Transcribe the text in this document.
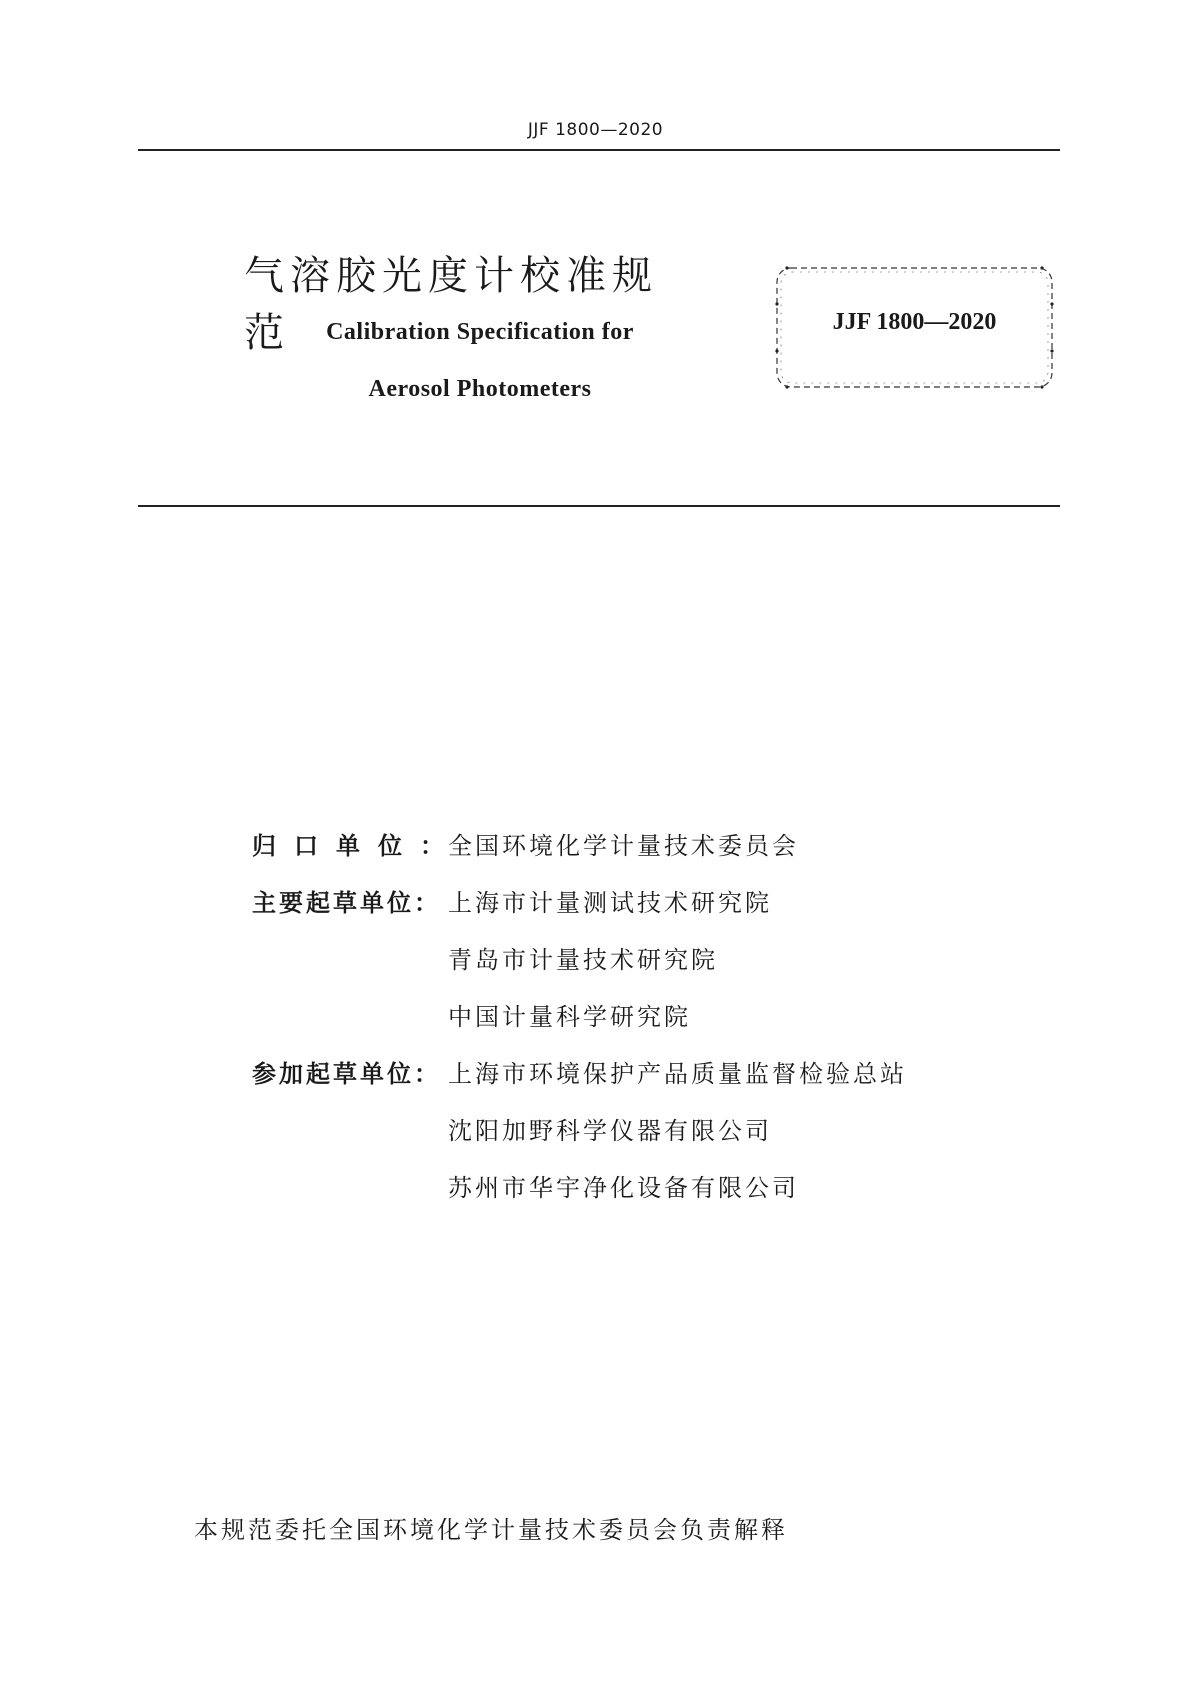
JJF 1800—2020
气溶胶光度计校准规范	Calibration Specification for
Aerosol Photometers
JJF 1800—2020
归口单位：
全国环境化学计量技术委员会
主要起草单位： 上海市计量测试技术研究院
青岛市计量技术研究院
中国计量科学研究院
参加起草单位： 上海市环境保护产品质量监督检验总站
沈阳加野科学仪器有限公司
苏州市华宇净化设备有限公司
本规范委托全国环境化学计量技术委员会负责解释
